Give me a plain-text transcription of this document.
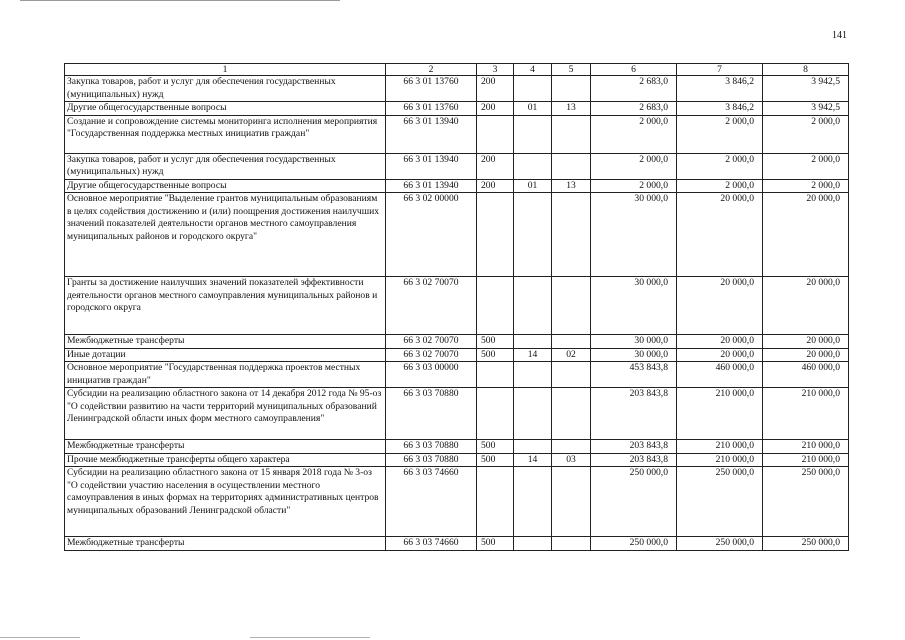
141
1	2	3	4	5	6	7	8
Закупка товаров, работ и услуг для обеспечения государственных (муниципальных) нужд	66 3 01 13760	200			2 683,0	3 846,2	3 942,5
Другие общегосударственные вопросы	66 3 01 13760	200	01	13	2 683,0	3 846,2	3 942,5
Создание и сопровождение системы мониторинга исполнения мероприятия "Государственная поддержка местных инициатив граждан"	66 3 01 13940				2 000,0	2 000,0	2 000,0
Закупка товаров, работ и услуг для обеспечения государственных (муниципальных) нужд	66 3 01 13940	200			2 000,0	2 000,0	2 000,0
Другие общегосударственные вопросы	66 3 01 13940	200	01	13	2 000,0	2 000,0	2 000,0
Основное мероприятие "Выделение грантов муниципальным образованиям в целях содействия достижению и (или) поощрения достижения наилучших значений показателей деятельности органов местного самоуправления муниципальных районов и городского округа"	66 3 02 00000				30 000,0	20 000,0	20 000,0
Гранты за достижение наилучших значений показателей эффективности деятельности органов местного самоуправления муниципальных районов и городского округа	66 3 02 70070				30 000,0	20 000,0	20 000,0
Межбюджетные трансферты	66 3 02 70070	500			30 000,0	20 000,0	20 000,0
Иные дотации	66 3 02 70070	500	14	02	30 000,0	20 000,0	20 000,0
Основное мероприятие "Государственная поддержка проектов местных инициатив граждан"	66 3 03 00000				453 843,8	460 000,0	460 000,0
Субсидии на реализацию областного закона от 14 декабря 2012 года № 95-оз "О содействии развитию на части территорий муниципальных образований Ленинградской области иных форм местного самоуправления"	66 3 03 70880				203 843,8	210 000,0	210 000,0
Межбюджетные трансферты	66 3 03 70880	500			203 843,8	210 000,0	210 000,0
Прочие межбюджетные трансферты общего характера	66 3 03 70880	500	14	03	203 843,8	210 000,0	210 000,0
Субсидии на реализацию областного закона от 15 января 2018 года № 3-оз "О содействии участию населения в осуществлении местного самоуправления в иных формах на территориях административных центров муниципальных образований Ленинградской области"	66 3 03 74660				250 000,0	250 000,0	250 000,0
Межбюджетные трансферты	66 3 03 74660	500			250 000,0	250 000,0	250 000,0
